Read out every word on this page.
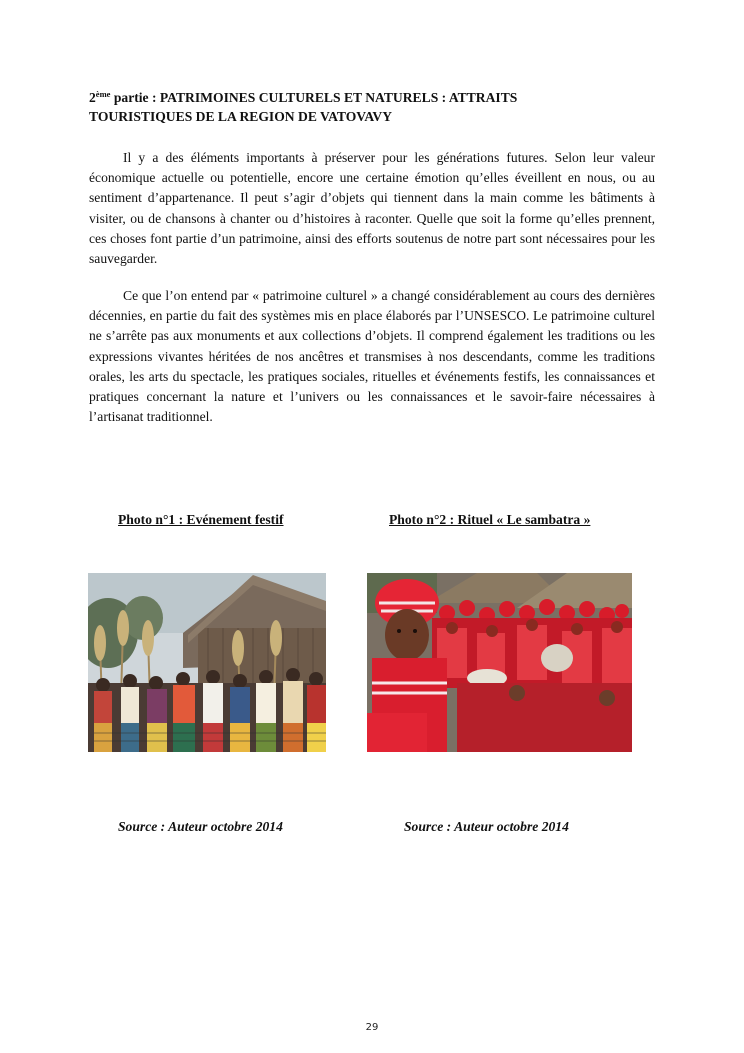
2ème partie : PATRIMOINES CULTURELS ET NATURELS : ATTRAITS
TOURISTIQUES DE LA REGION DE VATOVAVY

Il y a des éléments importants à préserver pour les générations futures. Selon leur valeur économique actuelle ou potentielle, encore une certaine émotion qu’elles éveillent en nous, ou au sentiment d’appartenance. Il peut s’agir d’objets qui tiennent dans la main comme les bâtiments à visiter, ou de chansons à chanter ou d’histoires à raconter. Quelle que soit la forme qu’elles prennent, ces choses font partie d’un patrimoine, ainsi des efforts soutenus de notre part sont nécessaires pour les sauvegarder.

Ce que l’on entend par « patrimoine culturel » a changé considérablement au cours des dernières décennies, en partie du fait des systèmes mis en place élaborés par l’UNSESCO. Le patrimoine culturel ne s’arrête pas aux monuments et aux collections d’objets. Il comprend également les traditions ou les expressions vivantes héritées de nos ancêtres et transmises à nos descendants, comme les traditions orales, les arts du spectacle, les pratiques sociales, rituelles et événements festifs, les connaissances et pratiques concernant la nature et l’univers ou les connaissances et le savoir-faire nécessaires à l’artisanat traditionnel.

Photo n°1 : Evénement festif	Photo n°2 : Rituel « Le sambatra »
Source : Auteur octobre 2014	Source : Auteur octobre 2014
29
